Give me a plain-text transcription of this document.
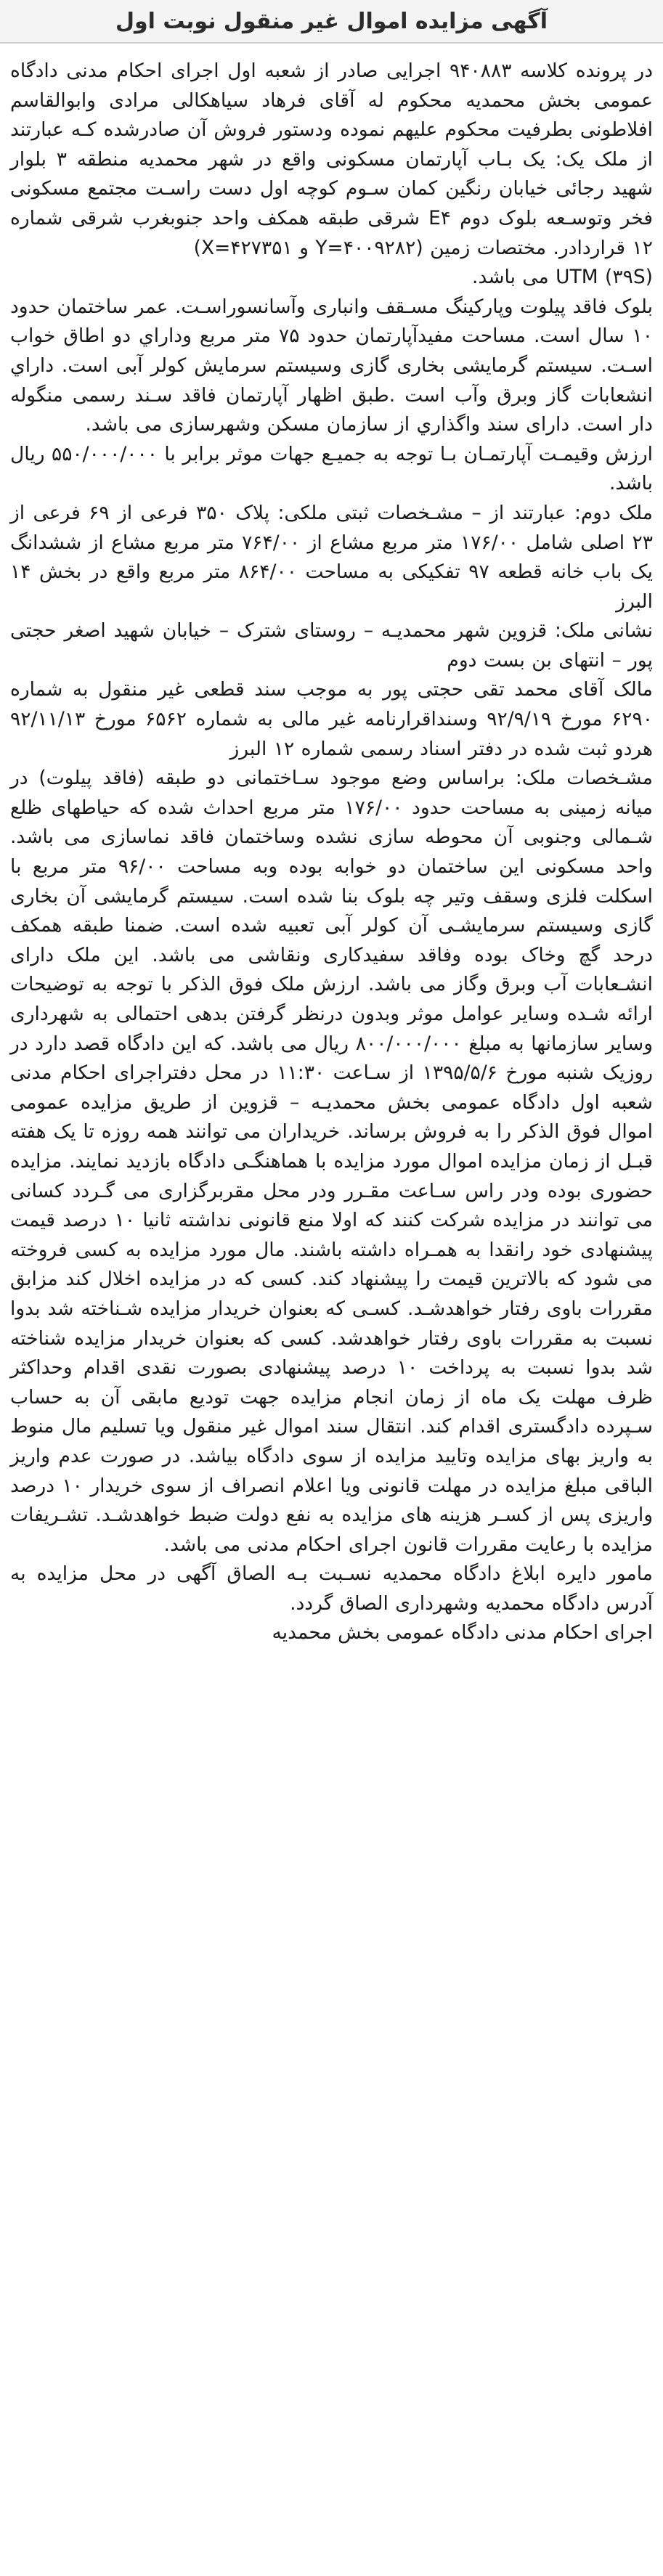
آگهی مزایده اموال غیر منقول نوبت اول

در پرونده کلاسه ۹۴۰۸۸۳ اجرایی صادر از شعبه اول اجرای احکام مدنی دادگاه عمومی بخش محمدیه محکوم له آقای فرهاد سیاهکالی مرادی وابوالقاسم افلاطونی بطرفیت محکوم علیهم نموده ودستور فروش آن صادرشده کـه عبارتند از ملک یک: یک بـاب آپارتمان مسکونی واقع در شهر محمدیه منطقه ۳ بلوار شهید رجائی خیابان رنگین کمان سـوم کوچه اول دست راسـت مجتمع مسکونی فخر وتوسـعه بلوک دوم E۴ شرقی طبقه همکف واحد جنوبغرب شرقی شماره ۱۲ قراردادر. مختصات زمین (Y=۴۰۰۹۲۸۲ و X=۴۲۷۳۵۱)

(۳۹S) UTM می باشد.

بلوک فاقد پیلوت وپارکینگ مسـقف وانباری وآسانسوراسـت. عمر ساختمان حدود ۱۰ سال است. مساحت مفیدآپارتمان حدود ۷۵ متر مربع وداراي دو اطاق خواب اسـت. سیستم گرمایشی بخاری گازی وسیستم سرمایش کولر آبی است. داراي انشعابات گاز وبرق وآب است .طبق اظهار آپارتمان فاقد سـند رسمی منگوله دار است. دارای سند واگذاري از سازمان مسکن وشهرسازی می باشد.

ارزش وقیمـت آپارتمـان بـا توجه به جمیـع جهات موثر برابر با ۵۵۰/۰۰۰/۰۰۰ ریال باشد.

ملک دوم: عبارتند از – مشـخصات ثبتی ملکی: پلاک ۳۵۰ فرعی از ۶۹ فرعی از ۲۳ اصلی شامل ۱۷۶/۰۰ متر مربع مشاع از ۷۶۴/۰۰ متر مربع مشاع از ششدانگ یک باب خانه قطعه ۹۷ تفکیکی به مساحت ۸۶۴/۰۰ متر مربع واقع در بخش ۱۴ البرز

نشانی ملک: قزوین شهر محمدیـه – روستای شترک – خیابان شهید اصغر حجتی پور – انتهای بن بست دوم

مالک آقای محمد تقی حجتی پور به موجب سند قطعی غیر منقول به شماره ۶۲۹۰ مورخ ۹۲/۹/۱۹ وسنداقرارنامه غیر مالی به شماره ۶۵۶۲ مورخ ۹۲/۱۱/۱۳ هردو ثبت شده در دفتر اسناد رسمی شماره ۱۲ البرز

مشـخصات ملک: براساس وضع موجود سـاختمانی دو طبقه (فاقد پیلوت) در میانه زمینی به مساحت حدود ۱۷۶/۰۰ متر مربع احداث شده که حیاطهای ظلع شـمالی وجنوبی آن محوطه سازی نشده وساختمان فاقد نماسازی می باشد. واحد مسکونی این ساختمان دو خوابه بوده وبه مساحت ۹۶/۰۰ متر مربع با اسکلت فلزی وسقف وتیر چه بلوک بنا شده است. سیستم گرمایشی آن بخاری گازی وسیستم سرمایشـی آن کولر آبی تعبیه شده است. ضمنا طبقه همکف درحد گچ وخاک بوده وفاقد سفیدکاری ونقاشی می باشد. این ملک دارای انشـعابات آب وبرق وگاز می باشد. ارزش ملک فوق الذکر با توجه به توضیحات ارائه شـده وسایر عوامل موثر وبدون درنظر گرفتن بدهی احتمالی به شهرداری وسایر سازمانها به مبلغ ۸۰۰/۰۰۰/۰۰۰ ریال می باشد. که این دادگاه قصد دارد در روزیک شنبه مورخ ۱۳۹۵/۵/۶ از سـاعت ۱۱:۳۰ در محل دفتراجرای احکام مدنی شعبه اول دادگاه عمومی بخش محمدیـه – قزوین از طریق مزایده عمومی اموال فوق الذکر را به فروش برساند. خریداران می توانند همه روزه تا یک هفته قبـل از زمان مزایده اموال مورد مزایده با هماهنگـی دادگاه بازدید نمایند. مزایده حضوری بوده ودر راس سـاعت مقـرر ودر محل مقربرگزاری می گـردد کسانی می توانند در مزایده شرکت کنند که اولا منع قانونی نداشته ثانیا ۱۰ درصد قیمت پیشنهادی خود رانقدا به همـراه داشته باشند. مال مورد مزایده به کسی فروخته می شود که بالاترین قیمت را پیشنهاد کند. کسی که در مزایده اخلال کند مزابق مقررات باوی رفتار خواهدشـد. کسـی که بعنوان خریدار مزایده شـناخته شد بدوا نسبت به مقررات باوی رفتار خواهدشد. کسی که بعنوان خریدار مزایده شناخته شد بدوا نسبت به پرداخت ۱۰ درصد پیشنهادی بصورت نقدی اقدام وحداکثر ظرف مهلت یک ماه از زمان انجام مزایده جهت تودیع مابقی آن به حساب سـپرده دادگستری اقدام کند. انتقال سند اموال غیر منقول ویا تسلیم مال منوط به واریز بهای مزایده وتایید مزایده از سوی دادگاه بیاشد. در صورت عدم واریز الباقی مبلغ مزایده در مهلت قانونی ویا اعلام انصراف از سوی خریدار ۱۰ درصد واریزی پس از کسـر هزینه های مزایده به نفع دولت ضبط خواهدشـد. تشـریفات مزایده با رعایت مقررات قانون اجرای احکام مدنی می باشد.

مامور دایره ابلاغ دادگاه محمدیه نسـبت بـه الصاق آگهی در محل مزایده به آدرس دادگاه محمدیه وشهرداری الصاق گردد.

اجرای احکام مدنی دادگاه عمومی بخش محمدیه
